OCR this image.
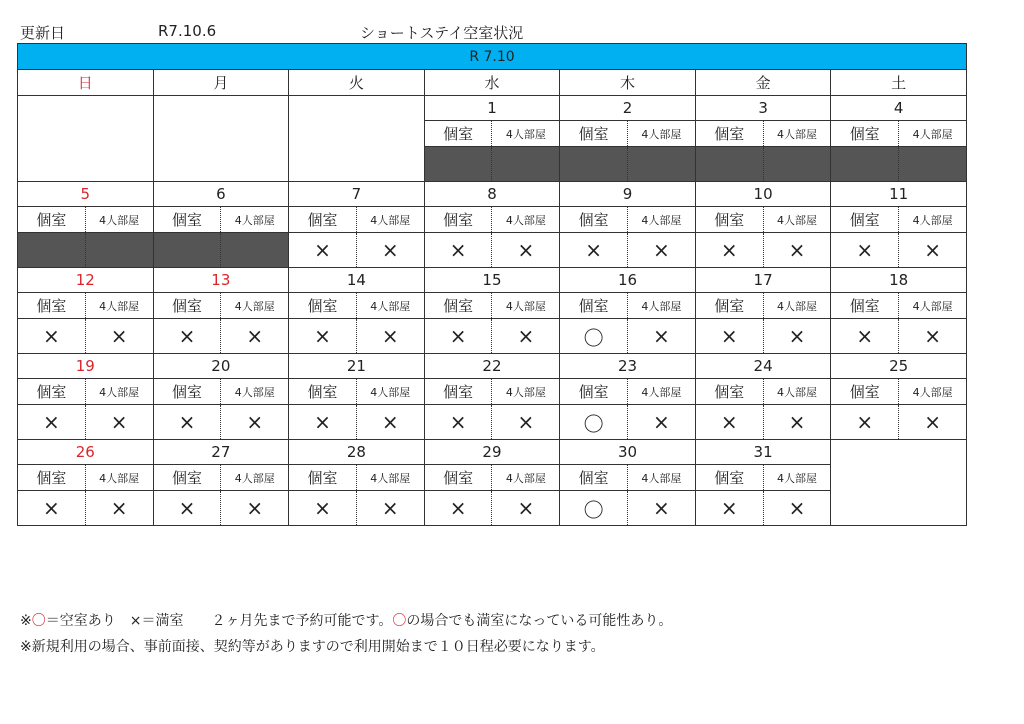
更新日	R7.10.6	ショートステイ空室状況
R 7.10													
日		月		火		水		木		金		土	
						1		2		3		4	
						個室	4人部屋	個室	4人部屋	個室	4人部屋	個室	4人部屋

5		6		7		8		9		10		11	
個室	4人部屋	個室	4人部屋	個室	4人部屋	個室	4人部屋	個室	4人部屋	個室	4人部屋	個室	4人部屋
				×	×	×	×	×	×	×	×	×	×
12		13		14		15		16		17		18	
個室	4人部屋	個室	4人部屋	個室	4人部屋	個室	4人部屋	個室	4人部屋	個室	4人部屋	個室	4人部屋
×	×	×	×	×	×	×	×	〇	×	×	×	×	×
19		20		21		22		23		24		25	
個室	4人部屋	個室	4人部屋	個室	4人部屋	個室	4人部屋	個室	4人部屋	個室	4人部屋	個室	4人部屋
×	×	×	×	×	×	×	×	〇	×	×	×	×	×
26		27		28		29		30		31			
個室	4人部屋	個室	4人部屋	個室	4人部屋	個室	4人部屋	個室	4人部屋	個室	4人部屋		
×	×	×	×	×	×	×	×	〇	×	×	×		
※〇＝空室あり　×＝満室　　２ヶ月先まで予約可能です。〇の場合でも満室になっている可能性あり。
※新規利用の場合、事前面接、契約等がありますので利用開始まで１０日程必要になります。
